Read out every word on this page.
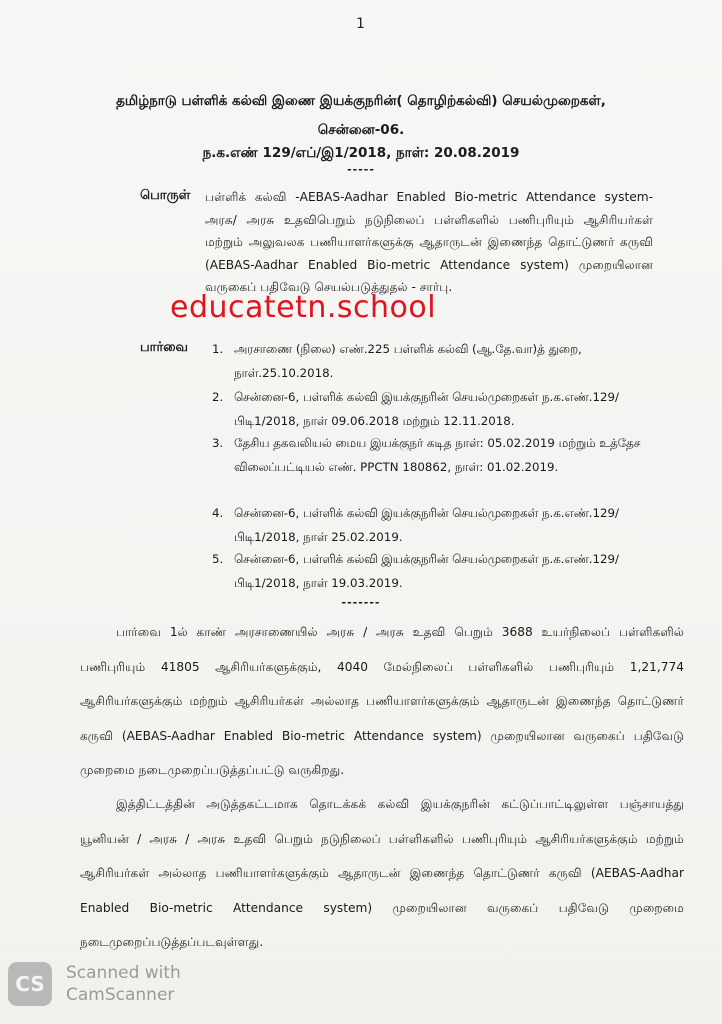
1
தமிழ்நாடு பள்ளிக் கல்வி இணை இயக்குநரின்( தொழிற்கல்வி) செயல்முறைகள்,
சென்னை-06.
ந.க.எண் 129/எப்/இ1/2018, நாள்: 20.08.2019
-----
பொருள் பள்ளிக் கல்வி -AEBAS-Aadhar Enabled Bio-metric Attendance system- அரசு/ அரசு உதவிபெறும் நடுநிலைப் பள்ளிகளில் பணிபுரியும் ஆசிரியர்கள் மற்றும் அலுவலக பணியாளர்களுக்கு ஆதாருடன் இணைந்த தொட்டுணர் கருவி (AEBAS-Aadhar Enabled Bio-metric Attendance system) முறையிலான வருகைப் பதிவேடு செயல்படுத்துதல் - சார்பு.
educatetn.school
பார்வை 1. அரசாணை (நிலை) எண்.225 பள்ளிக் கல்வி (ஆ.தே.வா)த் துறை, நாள்.25.10.2018.
2. சென்னை-6, பள்ளிக் கல்வி இயக்குநரின் செயல்முறைகள் ந.க.எண்.129/பிடி1/2018, நாள் 09.06.2018 மற்றும் 12.11.2018.
3. தேசிய தகவலியல் மைய இயக்குநர் கடித நாள்: 05.02.2019 மற்றும் உத்தேச விலைப்பட்டியல் எண். PPCTN 180862, நாள்: 01.02.2019.
4. சென்னை-6, பள்ளிக் கல்வி இயக்குநரின் செயல்முறைகள் ந.க.எண்.129/பிடி1/2018, நாள் 25.02.2019.
5. சென்னை-6, பள்ளிக் கல்வி இயக்குநரின் செயல்முறைகள் ந.க.எண்.129/பிடி1/2018, நாள் 19.03.2019.
-------
பார்வை 1ல் காண் அரசாணையில் அரசு / அரசு உதவி பெறும் 3688 உயர்நிலைப் பள்ளிகளில் பணிபுரியும் 41805 ஆசிரியர்களுக்கும், 4040 மேல்நிலைப் பள்ளிகளில் பணிபுரியும் 1,21,774 ஆசிரியர்களுக்கும் மற்றும் ஆசிரியர்கள் அல்லாத பணியாளர்களுக்கும் ஆதாருடன் இணைந்த தொட்டுணர் கருவி (AEBAS-Aadhar Enabled Bio-metric Attendance system) முறையிலான வருகைப் பதிவேடு முறைமை நடைமுறைப்படுத்தப்பட்டு வருகிறது.
இத்திட்டத்தின் அடுத்தகட்டமாக தொடக்கக் கல்வி இயக்குநரின் கட்டுப்பாட்டிலுள்ள பஞ்சாயத்து யூனியன் / அரசு / அரசு உதவி பெறும் நடுநிலைப் பள்ளிகளில் பணிபுரியும் ஆசிரியர்களுக்கும் மற்றும் ஆசிரியர்கள் அல்லாத பணியாளர்களுக்கும் ஆதாருடன் இணைந்த தொட்டுணர் கருவி (AEBAS-Aadhar Enabled Bio-metric Attendance system) முறையிலான வருகைப் பதிவேடு முறைமை நடைமுறைப்படுத்தப்படவுள்ளது.
CS	Scanned with
CamScanner
